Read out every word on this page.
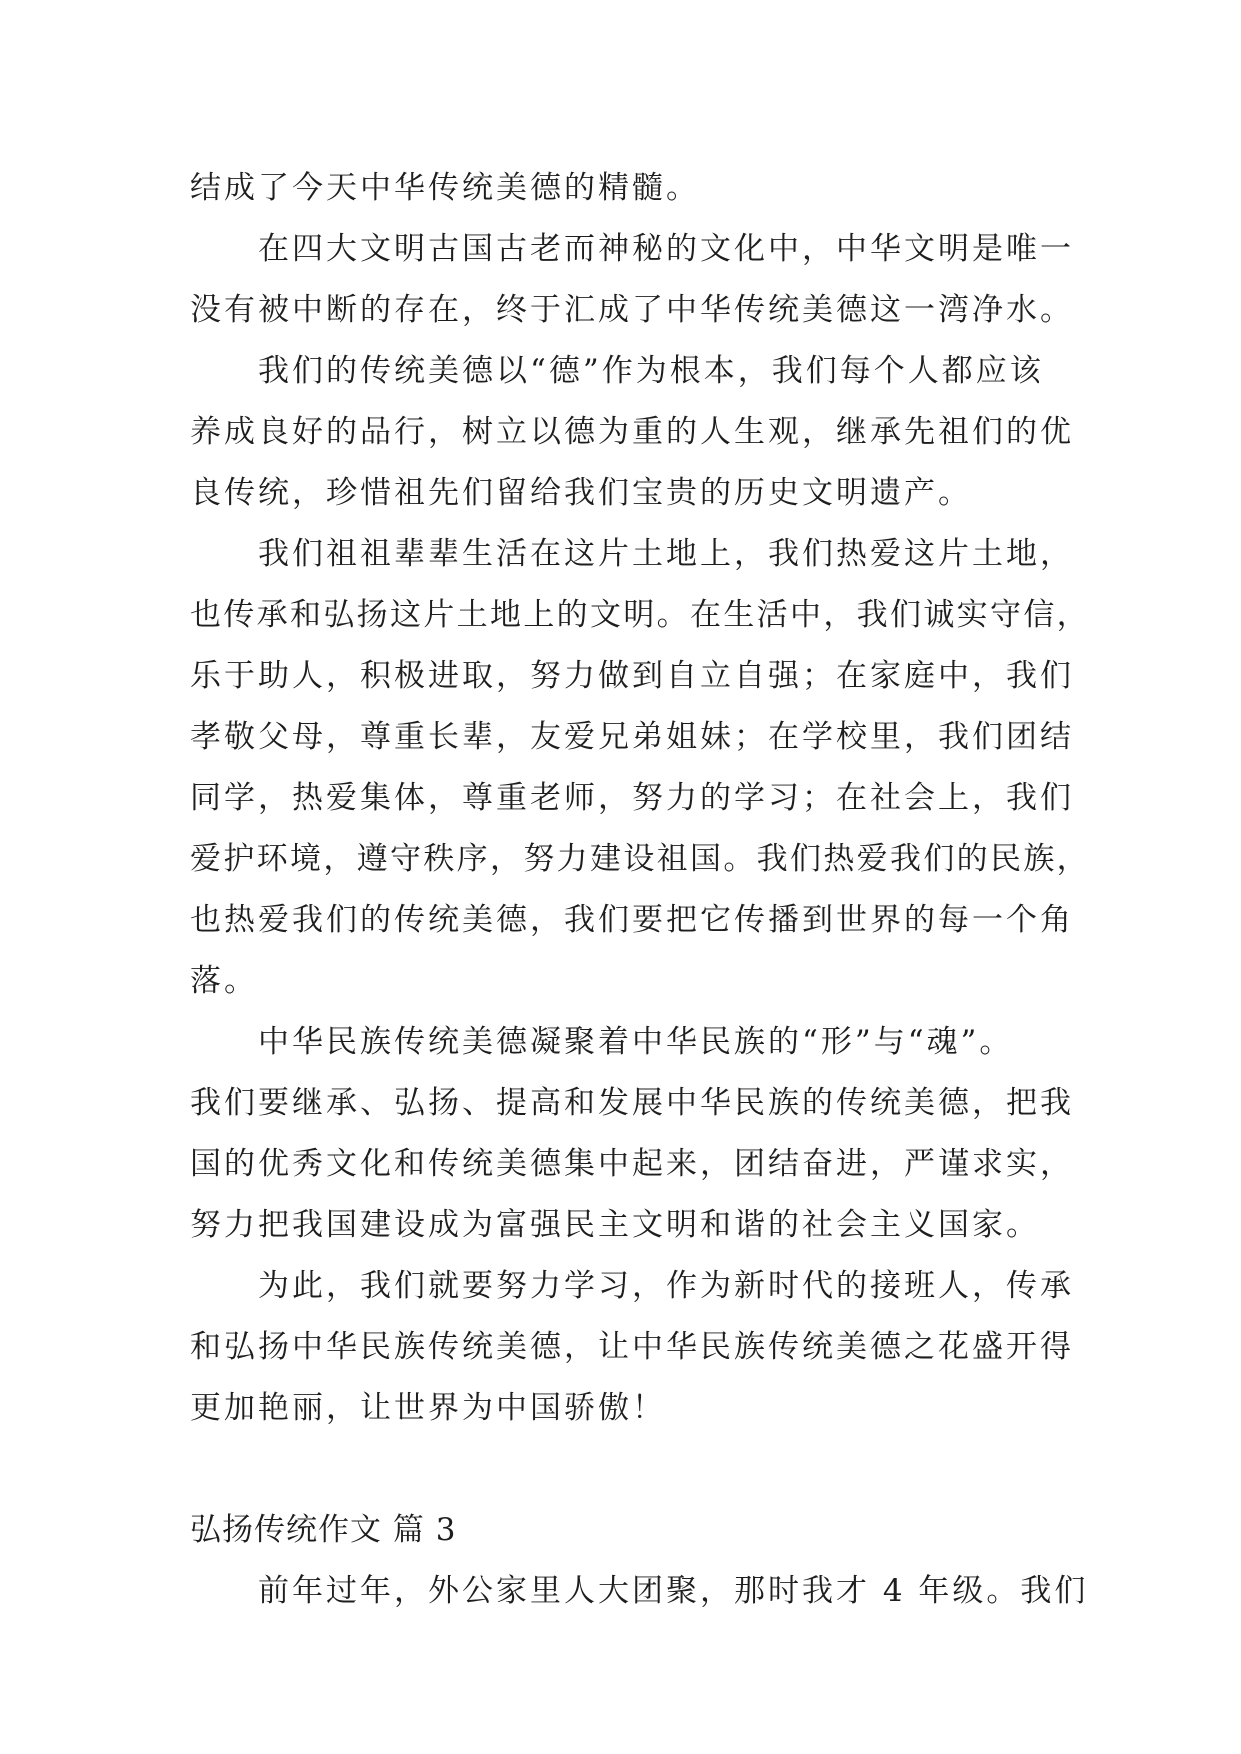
结成了今天中华传统美德的精髓。
在四大文明古国古老而神秘的文化中，中华文明是唯一
没有被中断的存在，终于汇成了中华传统美德这一湾净水。
我们的传统美德以“德”作为根本，我们每个人都应该
养成良好的品行，树立以德为重的人生观，继承先祖们的优
良传统，珍惜祖先们留给我们宝贵的历史文明遗产。
我们祖祖辈辈生活在这片土地上，我们热爱这片土地，
也传承和弘扬这片土地上的文明。在生活中，我们诚实守信，
乐于助人，积极进取，努力做到自立自强；在家庭中，我们
孝敬父母，尊重长辈，友爱兄弟姐妹；在学校里，我们团结
同学，热爱集体，尊重老师，努力的学习；在社会上，我们
爱护环境，遵守秩序，努力建设祖国。我们热爱我们的民族，
也热爱我们的传统美德，我们要把它传播到世界的每一个角
落。
中华民族传统美德凝聚着中华民族的“形”与“魂”。
我们要继承、弘扬、提高和发展中华民族的传统美德，把我
国的优秀文化和传统美德集中起来，团结奋进，严谨求实，
努力把我国建设成为富强民主文明和谐的社会主义国家。
为此，我们就要努力学习，作为新时代的接班人，传承
和弘扬中华民族传统美德，让中华民族传统美德之花盛开得
更加艳丽，让世界为中国骄傲！
弘扬传统作文 篇 3
前年过年，外公家里人大团聚，那时我才 4 年级。我们
